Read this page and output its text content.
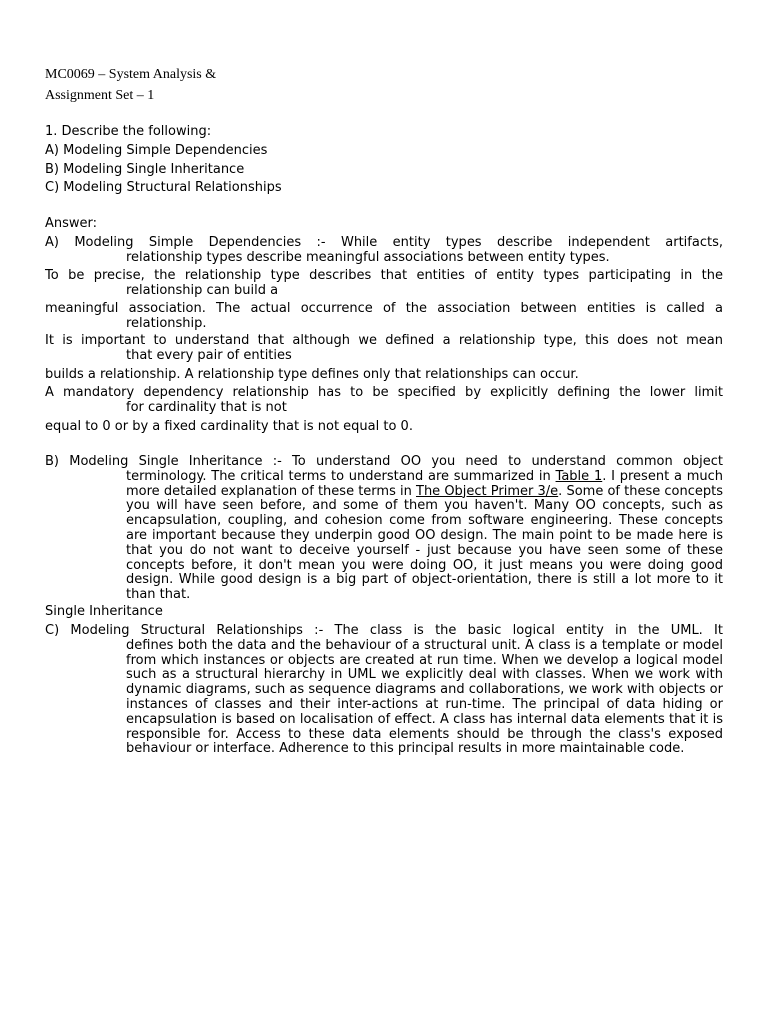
MC0069 – System Analysis &
Assignment Set – 1
1. Describe the following:
A) Modeling Simple Dependencies
B) Modeling Single Inheritance
C) Modeling Structural Relationships
Answer:
A) Modeling Simple Dependencies :- While entity types describe independent artifacts,
relationship types describe meaningful associations between entity types.
To be precise, the relationship type describes that entities of entity types participating in the
relationship can build a
meaningful association. The actual occurrence of the association between entities is called a
relationship.
It is important to understand that although we defined a relationship type, this does not mean
that every pair of entities
builds a relationship. A relationship type defines only that relationships can occur.
A mandatory dependency relationship has to be specified by explicitly defining the lower limit
for cardinality that is not
equal to 0 or by a fixed cardinality that is not equal to 0.
B) Modeling Single Inheritance :- To understand OO you need to understand common object
terminology. The critical terms to understand are summarized in Table 1. I present a much more detailed explanation of these terms in The Object Primer 3/e. Some of these concepts you will have seen before, and some of them you haven't. Many OO concepts, such as encapsulation, coupling, and cohesion come from software engineering. These concepts are important because they underpin good OO design. The main point to be made here is that you do not want to deceive yourself - just because you have seen some of these concepts before, it don't mean you were doing OO, it just means you were doing good design. While good design is a big part of object-orientation, there is still a lot more to it than that.
Single Inheritance
C) Modeling Structural Relationships :- The class is the basic logical entity in the UML. It
defines both the data and the behaviour of a structural unit. A class is a template or model from which instances or objects are created at run time. When we develop a logical model such as a structural hierarchy in UML we explicitly deal with classes. When we work with dynamic diagrams, such as sequence diagrams and collaborations, we work with objects or instances of classes and their inter-actions at run-time. The principal of data hiding or encapsulation is based on localisation of effect. A class has internal data elements that it is responsible for. Access to these data elements should be through the class's exposed behaviour or interface. Adherence to this principal results in more maintainable code.
